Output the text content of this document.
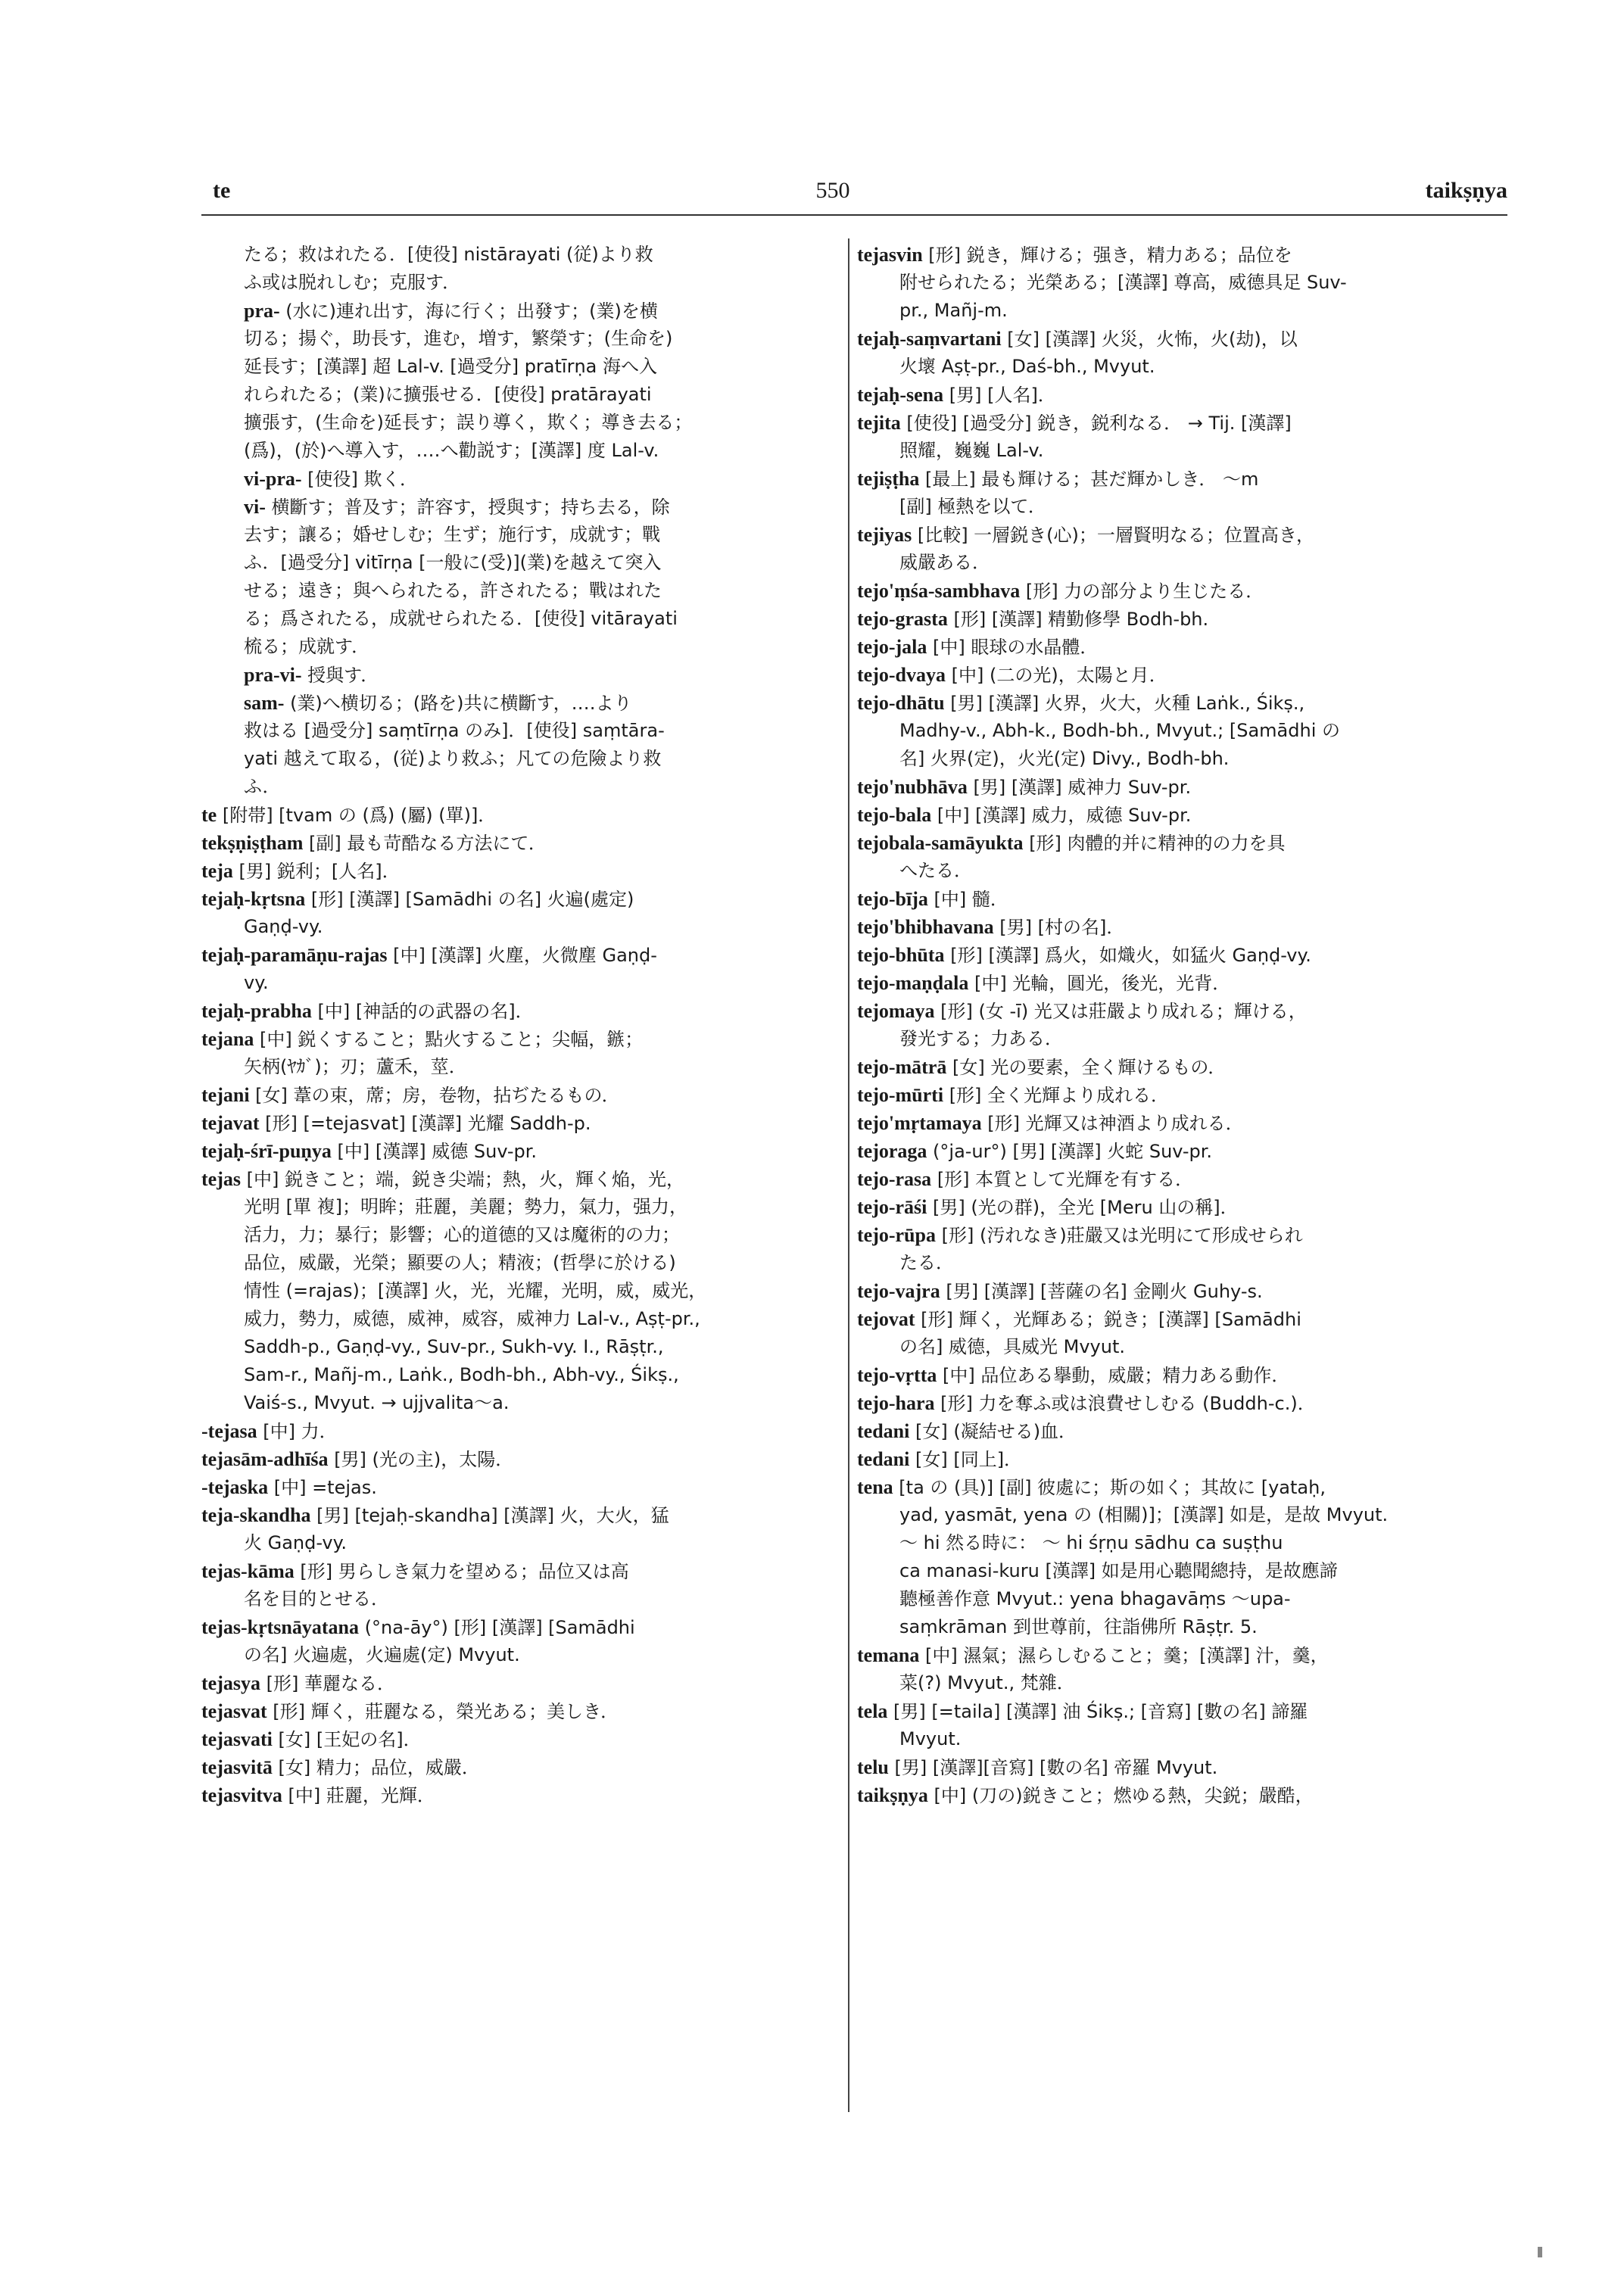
te	550	taikṣṇya
たる；救はれたる．[使役] nistārayati (従)より救
ふ或は脱れしむ；克服す．
pra- (水に)連れ出す，海に行く；出發す；(業)を横
切る；揚ぐ，助長す，進む，増す，繁榮す；(生命を)
延長す；[漢譯] 超 Lal-v. [過受分] pratīrṇa 海へ入
れられたる；(業)に擴張せる．[使役] pratārayati
擴張す，(生命を)延長す；誤り導く，欺く；導き去る；
(爲)，(於)へ導入す，‥‥へ勸説す；[漢譯] 度 Lal-v.
vi-pra- [使役] 欺く．
vi- 横斷す；普及す；許容す，授與す；持ち去る，除
去す；讓る；婚せしむ；生ず；施行す，成就す；戰
ふ．[過受分] vitīrṇa [一般に(受)](業)を越えて突入
せる；遠き；與へられたる，許されたる；戰はれた
る；爲されたる，成就せられたる．[使役] vitārayati
梳る；成就す．
pra-vi- 授與す．
sam- (業)へ横切る；(路を)共に横斷す，‥‥より
救はる [過受分] saṃtīrṇa のみ]．[使役] saṃtāra-
yati 越えて取る，(従)より救ふ；凡ての危險より救
ふ．
te [附帯] [tvam の (爲) (屬) (單)]．
tekṣṇiṣṭham [副] 最も苛酷なる方法にて．
teja [男] 鋭利；[人名]．
tejaḥ-kṛtsna [形] [漢譯] [Samādhi の名] 火遍(處定)
Gaṇḍ-vy.
tejaḥ-paramāṇu-rajas [中] [漢譯] 火塵，火微塵 Gaṇḍ-
vy.
tejaḥ-prabha [中] [神話的の武器の名]．
tejana [中] 鋭くすること；點火すること；尖幅，鏃；
矢柄(ﾔｶﾞ)；刃；蘆禾，莖．
tejani [女] 葦の束，蓆；房，卷物，拈ぢたるもの．
tejavat [形] [=tejasvat] [漢譯] 光耀 Saddh-p.
tejaḥ-śrī-puṇya [中] [漢譯] 威德 Suv-pr.
tejas [中] 鋭きこと；端，鋭き尖端；熱，火，輝く焔，光，
光明 [單 複]；明眸；莊麗，美麗；勢力，氣力，强力，
活力，力；暴行；影響；心的道德的又は魔術的の力；
品位，威嚴，光榮；顯要の人；精液；(哲學に於ける)
情性 (=rajas)；[漢譯] 火，光，光耀，光明，威，威光，
威力，勢力，威德，威神，威容，威神力 Lal-v., Aṣṭ-pr.,
Saddh-p., Gaṇḍ-vy., Suv-pr., Sukh-vy. I., Rāṣṭr.,
Sam-r., Mañj-m., Laṅk., Bodh-bh., Abh-vy., Śikṣ.,
Vaiś-s., Mvyut. → ujjvalita〜a.
-tejasa [中] 力．
tejasām-adhīśa [男] (光の主)，太陽．
-tejaska [中] =tejas.
teja-skandha [男] [tejaḥ-skandha] [漢譯] 火，大火，猛
火 Gaṇḍ-vy.
tejas-kāma [形] 男らしき氣力を望める；品位又は高
名を目的とせる．
tejas-kṛtsnāyatana (°na-āy°) [形] [漢譯] [Samādhi
の名] 火遍處，火遍處(定) Mvyut.
tejasya [形] 華麗なる．
tejasvat [形] 輝く，莊麗なる，榮光ある；美しき．
tejasvati [女] [王妃の名]．
tejasvitā [女] 精力；品位，威嚴．
tejasvitva [中] 莊麗，光輝．
tejasvin [形] 鋭き，輝ける；强き，精力ある；品位を
附せられたる；光榮ある；[漢譯] 尊高，威德具足 Suv-
pr., Mañj-m.
tejaḥ-saṃvartani [女] [漢譯] 火災，火怖，火(劫)，以
火壞 Aṣṭ-pr., Daś-bh., Mvyut.
tejaḥ-sena [男] [人名]．
tejita [使役] [過受分] 鋭き，鋭利なる． → Tij. [漢譯]
照耀，巍巍 Lal-v.
tejiṣṭha [最上] 最も輝ける；甚だ輝かしき． 〜m
[副] 極熱を以て．
tejiyas [比較] 一層鋭き(心)；一層賢明なる；位置高き，
威嚴ある．
tejo'ṃśa-sambhava [形] 力の部分より生じたる．
tejo-grasta [形] [漢譯] 精勤修學 Bodh-bh.
tejo-jala [中] 眼球の水晶體．
tejo-dvaya [中] (二の光)，太陽と月．
tejo-dhātu [男] [漢譯] 火界，火大，火種 Laṅk., Śikṣ.,
Madhy-v., Abh-k., Bodh-bh., Mvyut.; [Samādhi の
名] 火界(定)，火光(定) Divy., Bodh-bh.
tejo'nubhāva [男] [漢譯] 威神力 Suv-pr.
tejo-bala [中] [漢譯] 威力，威德 Suv-pr.
tejobala-samāyukta [形] 肉體的并に精神的の力を具
へたる．
tejo-bīja [中] 髓．
tejo'bhibhavana [男] [村の名]．
tejo-bhūta [形] [漢譯] 爲火，如熾火，如猛火 Gaṇḍ-vy.
tejo-maṇḍala [中] 光輪，圓光，後光，光背．
tejomaya [形] (女 -ī) 光又は莊嚴より成れる；輝ける，
發光する；力ある．
tejo-mātrā [女] 光の要素，全く輝けるもの．
tejo-mūrti [形] 全く光輝より成れる．
tejo'mṛtamaya [形] 光輝又は神酒より成れる．
tejoraga (°ja-ur°) [男] [漢譯] 火蛇 Suv-pr.
tejo-rasa [形] 本質として光輝を有する．
tejo-rāśi [男] (光の群)，全光 [Meru 山の稱]．
tejo-rūpa [形] (汚れなき)莊嚴又は光明にて形成せられ
たる．
tejo-vajra [男] [漢譯] [菩薩の名] 金剛火 Guhy-s.
tejovat [形] 輝く，光輝ある；鋭き；[漢譯] [Samādhi
の名] 威德，具威光 Mvyut.
tejo-vṛtta [中] 品位ある擧動，威嚴；精力ある動作．
tejo-hara [形] 力を奪ふ或は浪費せしむる (Buddh-c.)．
tedani [女] (凝結せる)血．
tedani [女] [同上]．
tena [ta の (具)] [副] 彼處に；斯の如く；其故に [yataḥ,
yad, yasmāt, yena の (相關)]；[漢譯] 如是，是故 Mvyut.
〜 hi 然る時に： 〜 hi śṛṇu sādhu ca suṣṭhu
ca manasi-kuru [漢譯] 如是用心聽聞總持，是故應諦
聽極善作意 Mvyut.: yena bhagavāṃs 〜upa-
saṃkrāman 到世尊前，往詣佛所 Rāṣṭr. 5.
temana [中] 濕氣；濕らしむること；羹；[漢譯] 汁，羹，
菜(?) Mvyut., 梵雜．
tela [男] [=taila] [漢譯] 油 Śikṣ.; [音寫] [數の名] 諦羅
Mvyut.
telu [男] [漢譯][音寫] [數の名] 帝羅 Mvyut.
taikṣṇya [中] (刀の)鋭きこと；燃ゆる熱，尖鋭；嚴酷，
